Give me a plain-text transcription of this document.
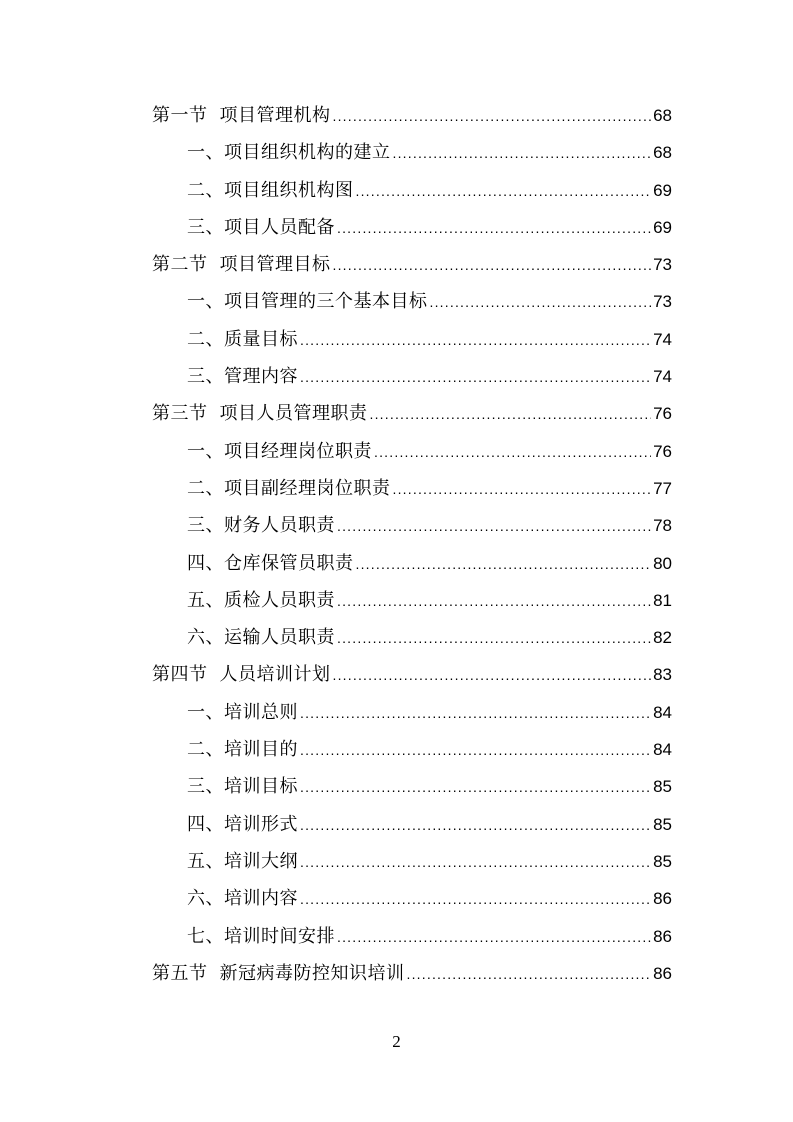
第一节 项目管理机构 .....	68
一、项目组织机构的建立 .....	68
二、项目组织机构图 .....	69
三、项目人员配备 .....	69
第二节 项目管理目标 .....	73
一、项目管理的三个基本目标 .....	73
二、质量目标 .....	74
三、管理内容 .....	74
第三节 项目人员管理职责 .....	76
一、项目经理岗位职责 .....	76
二、项目副经理岗位职责 .....	77
三、财务人员职责 .....	78
四、仓库保管员职责 .....	80
五、质检人员职责 .....	81
六、运输人员职责 .....	82
第四节 人员培训计划 .....	83
一、培训总则 .....	84
二、培训目的 .....	84
三、培训目标 .....	85
四、培训形式 .....	85
五、培训大纲 .....	85
六、培训内容 .....	86
七、培训时间安排 .....	86
第五节 新冠病毒防控知识培训 .....	86
2
